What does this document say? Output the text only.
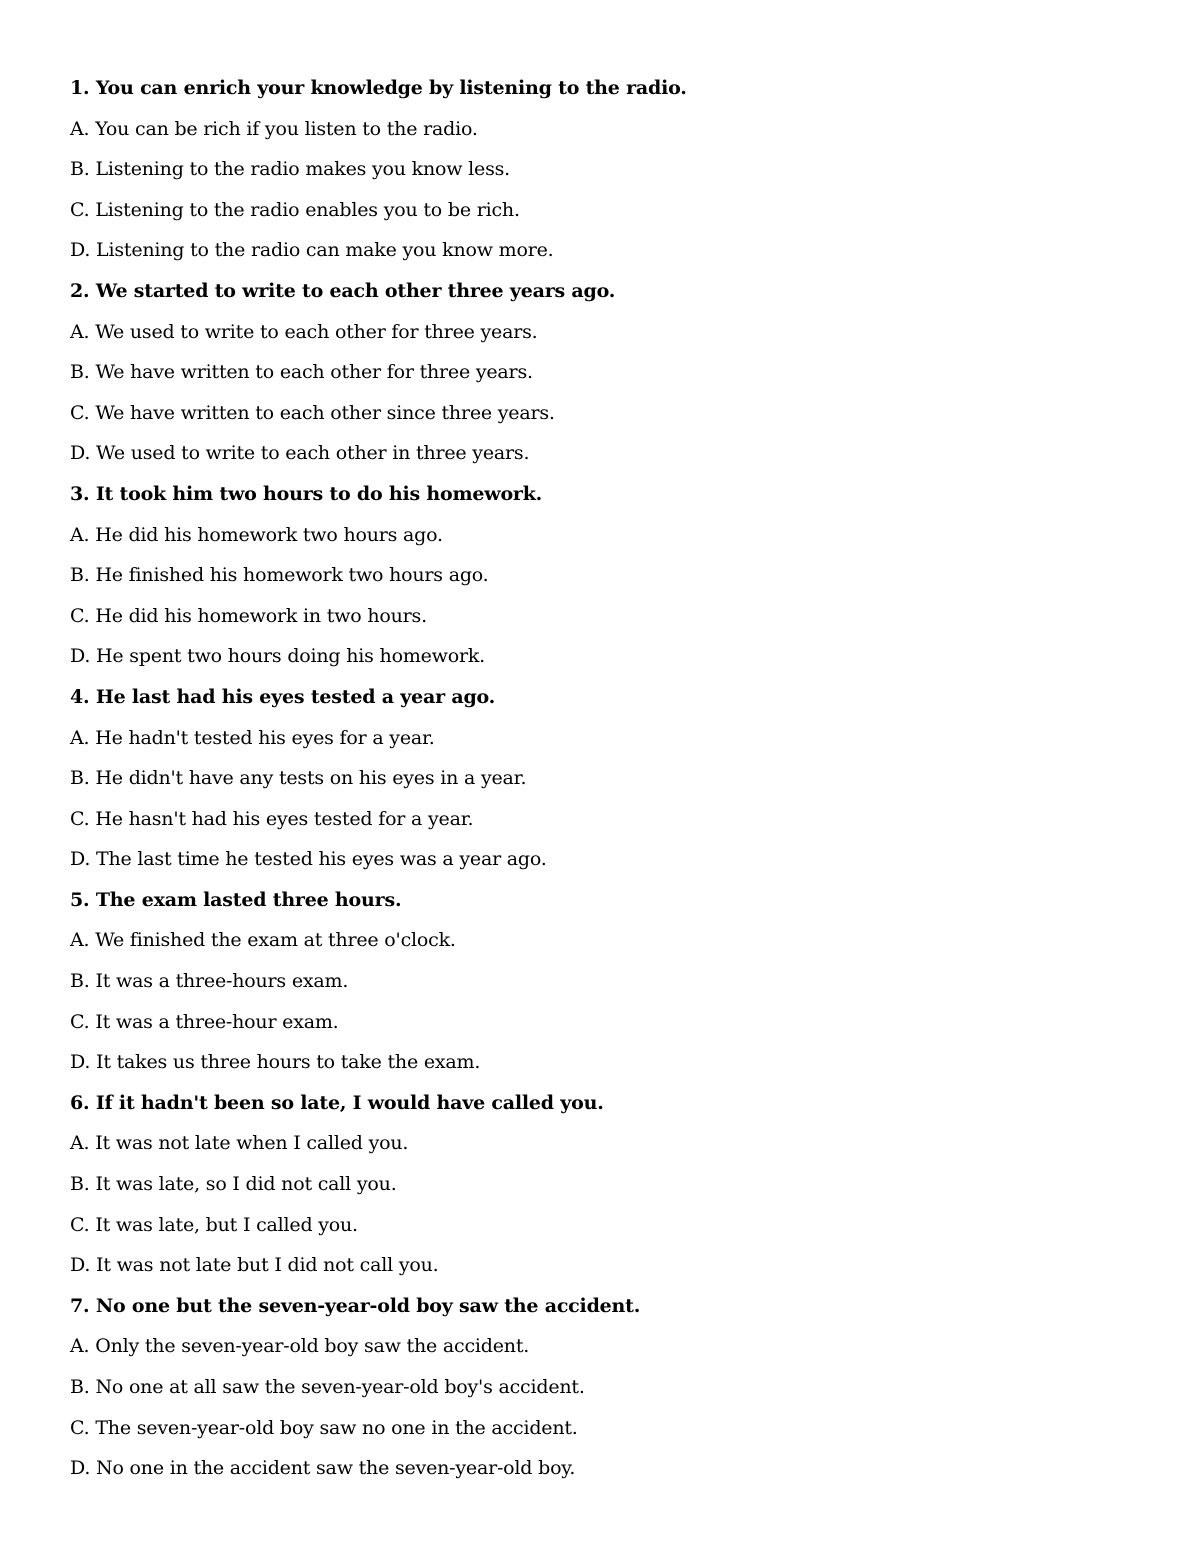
1. You can enrich your knowledge by listening to the radio.
A. You can be rich if you listen to the radio.
B. Listening to the radio makes you know less.
C. Listening to the radio enables you to be rich.
D. Listening to the radio can make you know more.
2. We started to write to each other three years ago.
A. We used to write to each other for three years.
B. We have written to each other for three years.
C. We have written to each other since three years.
D. We used to write to each other in three years.
3. It took him two hours to do his homework.
A. He did his homework two hours ago.
B. He finished his homework two hours ago.
C. He did his homework in two hours.
D. He spent two hours doing his homework.
4. He last had his eyes tested a year ago.
A. He hadn't tested his eyes for a year.
B. He didn't have any tests on his eyes in a year.
C. He hasn't had his eyes tested for a year.
D. The last time he tested his eyes was a year ago.
5. The exam lasted three hours.
A. We finished the exam at three o'clock.
B. It was a three-hours exam.
C. It was a three-hour exam.
D. It takes us three hours to take the exam.
6. If it hadn't been so late, I would have called you.
A. It was not late when I called you.
B. It was late, so I did not call you.
C. It was late, but I called you.
D. It was not late but I did not call you.
7. No one but the seven-year-old boy saw the accident.
A. Only the seven-year-old boy saw the accident.
B. No one at all saw the seven-year-old boy's accident.
C. The seven-year-old boy saw no one in the accident.
D. No one in the accident saw the seven-year-old boy.
